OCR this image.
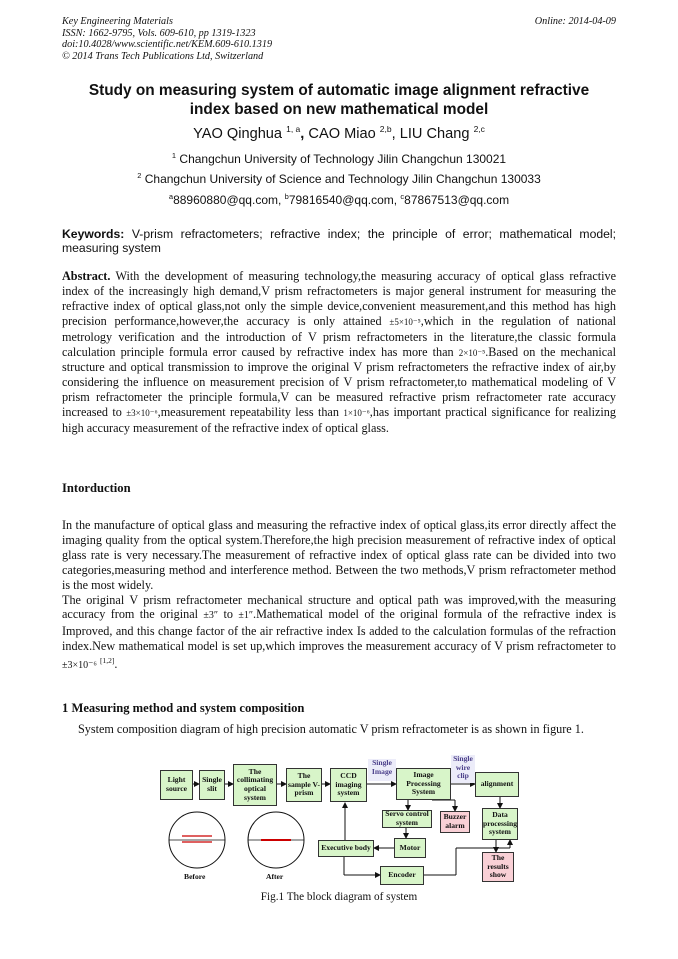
Key Engineering Materials
ISSN: 1662-9795, Vols. 609-610, pp 1319-1323
doi:10.4028/www.scientific.net/KEM.609-610.1319
© 2014 Trans Tech Publications Ltd, Switzerland
Online: 2014-04-09
Study on measuring system of automatic image alignment refractive
index based on new mathematical model
YAO Qinghua $^{1, a}$, CAO Miao $^{2,b}$, LIU Chang $^{2,c}$
$^1$ Changchun University of Technology Jilin Changchun 130021
$^2$ Changchun University of Science and Technology Jilin Changchun 130033
$^a$88960880@qq.com, $^b$79816540@qq.com, $^c$87867513@qq.com
Keywords: V-prism refractometers; refractive index; the principle of error; mathematical model; measuring system
Abstract. With the development of measuring technology,the measuring accuracy of optical glass refractive index of the increasingly high demand,V prism refractometers is major general instrument for measuring the refractive index of optical glass,not only the simple device,convenient measurement,and this method has high precision performance,however,the accuracy is only attained ±5×10⁻⁵,which in the regulation of national metrology verification and the introduction of V prism refractometers in the literature,the classic formula calculation principle formula error caused by refractive index has more than 2×10⁻⁵.Based on the mechanical structure and optical transmission to improve the original V prism refractometers the refractive index of air,by considering the influence on measurement precision of V prism refractometer,to mathematical modeling of V prism refractometer the principle formula,V can be measured refractive prism refractometer rate accuracy increased to ±3×10⁻⁶,measurement repeatability less than 1×10⁻⁶,has important practical significance for realizing high accuracy measurement of the refractive index of optical glass.
Intorduction
In the manufacture of optical glass and measuring the refractive index of optical glass,its error directly affect the imaging quality from the optical system.Therefore,the high precision measurement of refractive index of optical glass rate is very necessary.The measurement of refractive index of optical glass rate can be divided into two categories,measuring method and interference method. Between the two methods,V prism refractometer method is the most widely.
The original V prism refractometer mechanical structure and optical path was improved,with the measuring accuracy from the original ±3″ to ±1″.Mathematical model of the original formula of the refractive index is Improved, and this change factor of the air refractive index Is added to the calculation formulas of the refraction index.New mathematical model is set up,which improves the measurement accuracy of V prism refractometer to ±3×10⁻⁶ [1,2].
1 Measuring method and system composition
System composition diagram of high precision automatic V prism refractometer is as shown in figure 1.
Light source
Single slit
The collimating optical system
The sample V-prism
CCD imaging system
Image Processing System
alignment
Servo control system
Buzzer alarm
Data processing system
Executive body	Motor
Encoder
The results show
Single Image
Single wire clip
Before	After
Fig.1 The block diagram of system
